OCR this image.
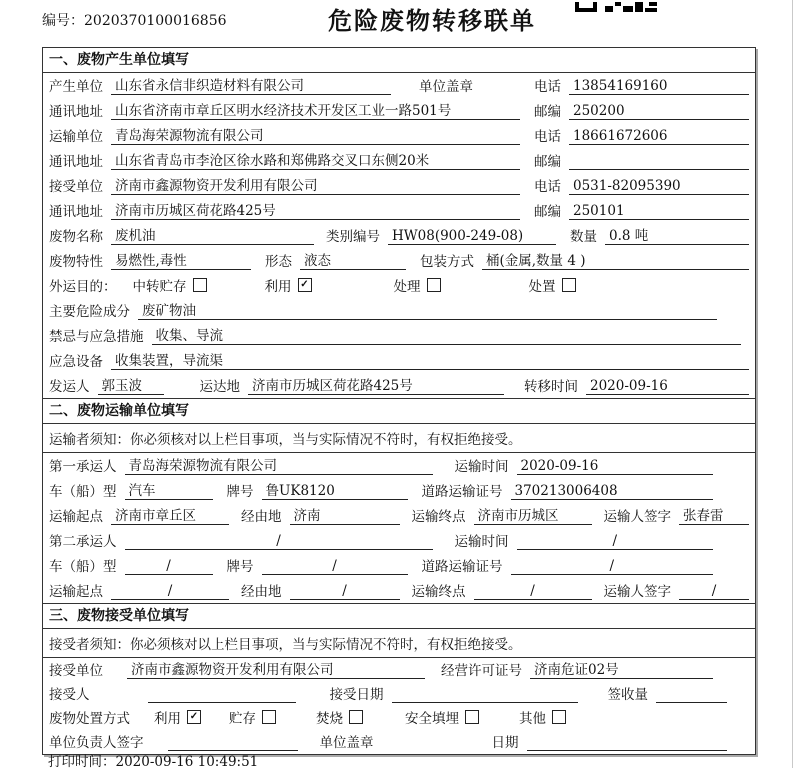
编号：2020370100016856	危险废物转移联单
一、废物产生单位填写
产生单位 山东省永信非织造材料有限公司	单位盖章	电话 13854169160
通讯地址 山东省济南市章丘区明水经济技术开发区工业一路501号	邮编 250200
运输单位 青岛海荣源物流有限公司	电话 18661672606
通讯地址 山东省青岛市李沧区徐水路和郑佛路交叉口东侧20米	邮编
接受单位 济南市鑫源物资开发利用有限公司	电话 0531-82095390
通讯地址 济南市历城区荷花路425号	邮编 250101
废物名称 废机油	类别编号 HW08(900-249-08)	数量 0.8 吨
废物特性 易燃性,毒性	形态 液态	包装方式 桶(金属,数量 4 )
外运目的： 中转贮存	利用 ✓	处理	处置
主要危险成分 废矿物油
禁忌与应急措施 收集、导流
应急设备 收集装置，导流渠
发运人 郭玉波	运达地 济南市历城区荷花路425号	转移时间 2020-09-16
二、废物运输单位填写
运输者须知： 你必须核对以上栏目事项，当与实际情况不符时，有权拒绝接受。
第一承运人 青岛海荣源物流有限公司	运输时间 2020-09-16
车（船）型 汽车	牌号 鲁UK8120	道路运输证号 370213006408
运输起点 济南市章丘区	经由地 济南	运输终点 济南市历城区	运输人签字 张春雷
第二承运人	/	运输时间	/
车（船）型	/	牌号	/	道路运输证号	/
运输起点	/	经由地	/	运输终点	/	运输人签字	/
三、废物接受单位填写
接受者须知： 你必须核对以上栏目事项，当与实际情况不符时，有权拒绝接受。
接受单位 济南市鑫源物资开发利用有限公司	经营许可证号 济南危证02号
接受人	接受日期	签收量
废物处置方式 利用 ✓ 贮存	焚烧	安全填埋	其他
单位负责人签字	单位盖章	日期
打印时间：2020-09-16 10:49:51
